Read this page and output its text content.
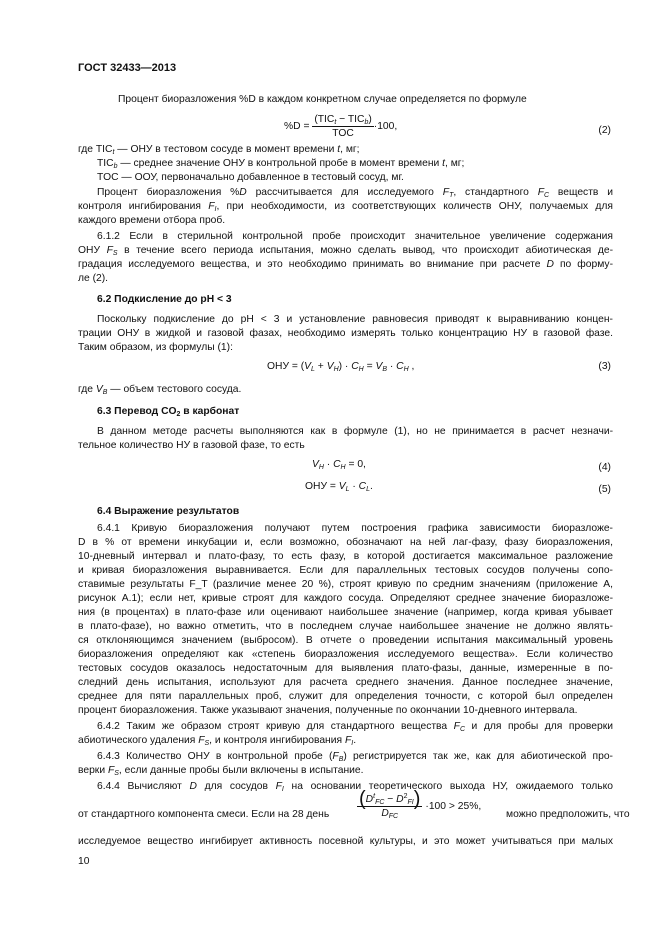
ГОСТ 32433—2013
Процент биоразложения %D в каждом конкретном случае определяется по формуле
$\%D = \frac{(TIC_t - TIC_b)}{\text{TOC}} \cdot 100$,	(2)
где $TIC_t$ — ОНУ в тестовом сосуде в момент времени t, мг;
$TIC_b$ — среднее значение ОНУ в контрольной пробе в момент времени t, мг;
TOC — ООУ, первоначально добавленное в тестовый сосуд, мг.
Процент биоразложения %D рассчитывается для исследуемого $F_T$, стандартного $F_C$ веществ и
контроля ингибирования $F_I$, при необходимости, из соответствующих количеств ОНУ, получаемых для
каждого времени отбора проб.
6.1.2 Если в стерильной контрольной пробе происходит значительное увеличение содержания
ОНУ $F_S$ в течение всего периода испытания, можно сделать вывод, что происходит абиотическая де-
градация исследуемого вещества, и это необходимо принимать во внимание при расчете D по форму-
ле (2).
6.2 Подкисление до pH < 3
Поскольку подкисление до pH < 3 и установление равновесия приводят к выравниванию концен-
трации ОНУ в жидкой и газовой фазах, необходимо измерять только концентрацию НУ в газовой фазе.
Таким образом, из формулы (1):
ОНУ = $(V_L + V_H) \cdot C_H = V_B \cdot C_H$ ,	(3)
где $V_B$ — объем тестового сосуда.
6.3 Перевод $CO_2$ в карбонат
В данном методе расчеты выполняются как в формуле (1), но не принимается в расчет незначи-
тельное количество НУ в газовой фазе, то есть
$V_H \cdot C_H = 0$,	(4)
ОНУ = $V_L \cdot C_L$.	(5)
6.4 Выражение результатов
6.4.1 Кривую биоразложения получают путем построения графика зависимости биоразложе-
D в % от времени инкубации и, если возможно, обозначают на ней лаг-фазу, фазу биоразложения,
10-дневный интервал и плато-фазу, то есть фазу, в которой достигается максимальное разложение
и кривая биоразложения выравнивается. Если для параллельных тестовых сосудов получены сопо-
ставимые результаты F_T (различие менее 20 %), строят кривую по средним значениям (приложение А,
рисунок А.1); если нет, кривые строят для каждого сосуда. Определяют среднее значение биоразложе-
ния (в процентах) в плато-фазе или оценивают наибольшее значение (например, когда кривая убывает
в плато-фазе), но важно отметить, что в последнем случае наибольшее значение не должно являть-
ся отклоняющимся значением (выбросом). В отчете о проведении испытания максимальный уровень
биоразложения определяют как «степень биоразложения исследуемого вещества». Если количество
тестовых сосудов оказалось недостаточным для выявления плато-фазы, данные, измеренные в по-
следний день испытания, используют для расчета среднего значения. Данное последнее значение,
среднее для пяти параллельных проб, служит для определения точности, с которой был определен
процент биоразложения. Также указывают значения, полученные по окончании 10-дневного интервала.
6.4.2 Таким же образом строят кривую для стандартного вещества $F_C$ и для пробы для проверки
абиотического удаления $F_S$, и контроля ингибирования $F_I$.
6.4.3 Количество ОНУ в контрольной пробе $(F_B)$ регистрируется так же, как для абиотической про-
верки $F_S$, если данные пробы были включены в испытание.
6.4.4 Вычисляют D для сосудов $F_I$ на основании теоретического выхода НУ, ожидаемого только
от стандартного компонента смеси. Если на 28 день $\frac{(D^t_{FC} - D^2_{FI})}{D_{FC}} \cdot 100 > 25\%$,
можно предположить, что
исследуемое вещество ингибирует активность посевной культуры, и это может учитываться при малых
10
